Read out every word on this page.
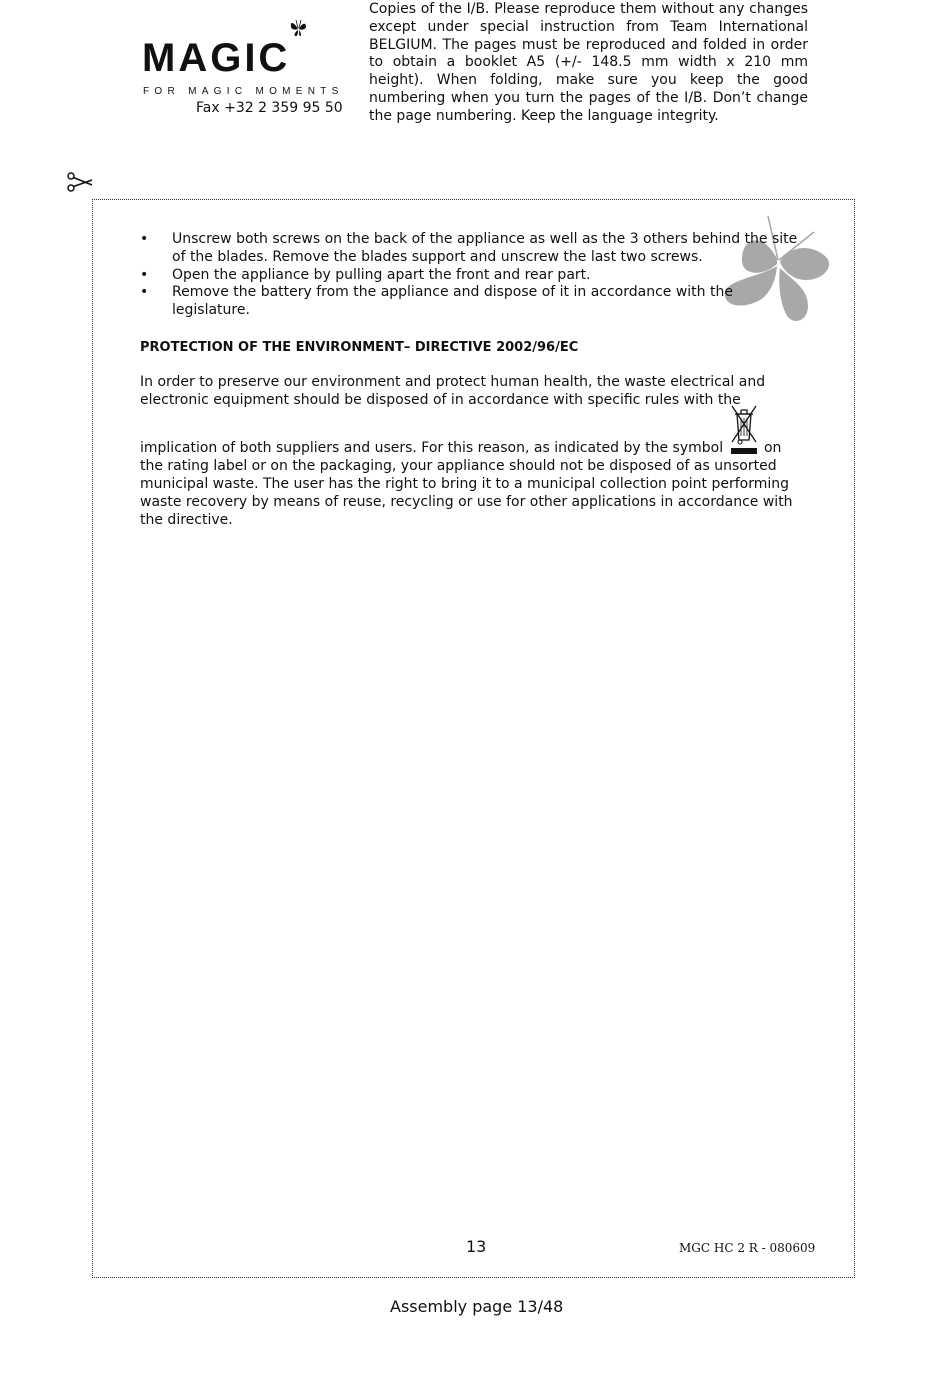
MAGIC
FOR MAGIC MOMENTS
Fax +32 2 359 95 50

Copies of the I/B. Please reproduce them without any changes except under special instruction from Team International BELGIUM. The pages must be reproduced and folded in order to obtain a booklet A5 (+/- 148.5 mm width x 210 mm height). When folding, make sure you keep the good numbering when you turn the pages of the I/B. Don’t change the page numbering. Keep the language integrity.

• Unscrew both screws on the back of the appliance as well as the 3 others behind the site of the blades. Remove the blades support and unscrew the last two screws.
• Open the appliance by pulling apart the front and rear part.
• Remove the battery from the appliance and dispose of it in accordance with the legislature.
PROTECTION OF THE ENVIRONMENT– DIRECTIVE 2002/96/EC
In order to preserve our environment and protect human health, the waste electrical and electronic equipment should be disposed of in accordance with specific rules with the
implication of both suppliers and users. For this reason, as indicated by the symbol	on the rating label or on the packaging, your appliance should not be disposed of as unsorted municipal waste. The user has the right to bring it to a municipal collection point performing waste recovery by means of reuse, recycling or use for other applications in accordance with the directive.
13	MGC HC 2 R - 080609
Assembly page 13/48
